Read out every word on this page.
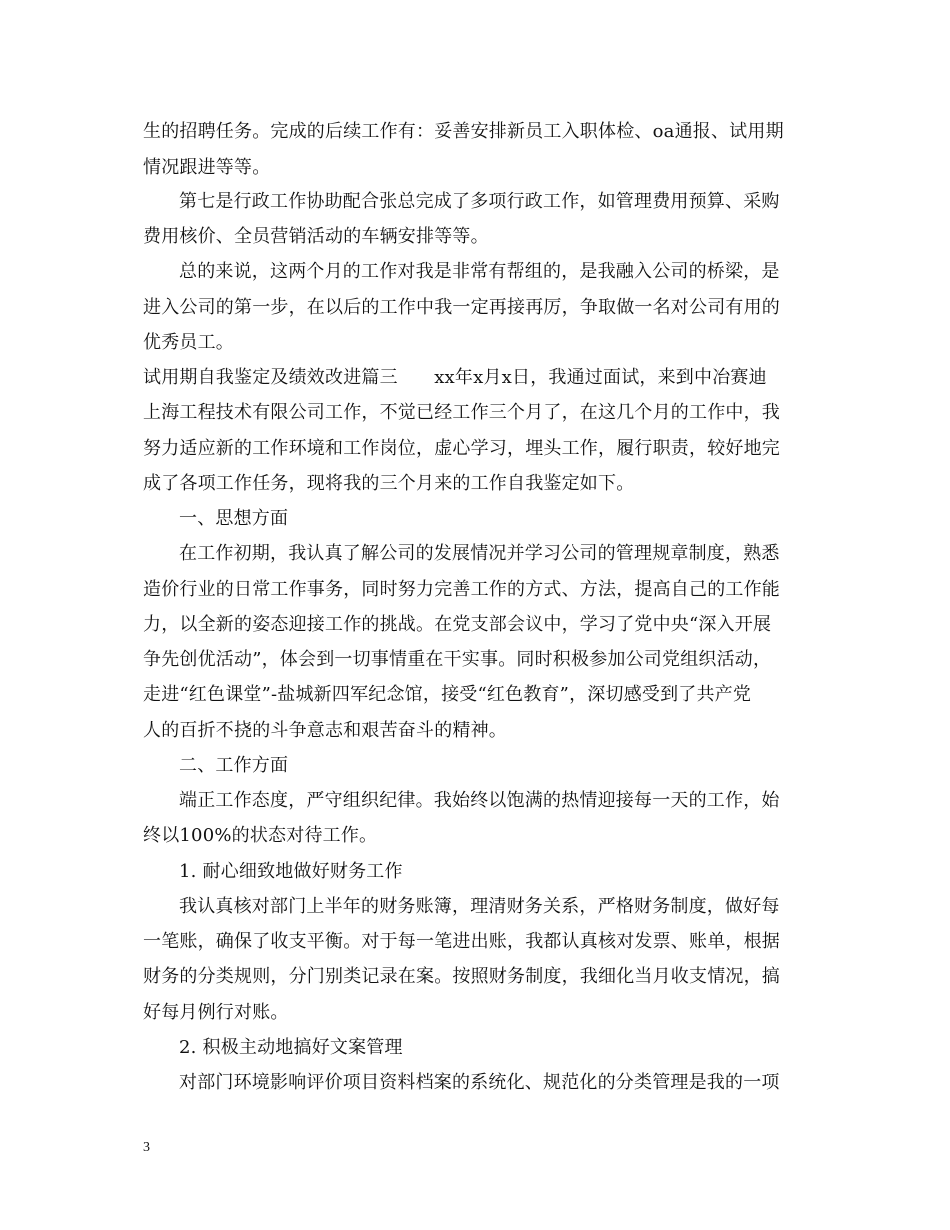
生的招聘任务。完成的后续工作有：妥善安排新员工入职体检、oa通报、试用期
情况跟进等等。
第七是行政工作协助配合张总完成了多项行政工作，如管理费用预算、采购
费用核价、全员营销活动的车辆安排等等。
总的来说，这两个月的工作对我是非常有帮组的，是我融入公司的桥梁，是
进入公司的第一步，在以后的工作中我一定再接再厉，争取做一名对公司有用的
优秀员工。
试用期自我鉴定及绩效改进篇三　　xx年x月x日，我通过面试，来到中冶赛迪
上海工程技术有限公司工作，不觉已经工作三个月了，在这几个月的工作中，我
努力适应新的工作环境和工作岗位，虚心学习，埋头工作，履行职责，较好地完
成了各项工作任务，现将我的三个月来的工作自我鉴定如下。
一、思想方面
在工作初期，我认真了解公司的发展情况并学习公司的管理规章制度，熟悉
造价行业的日常工作事务，同时努力完善工作的方式、方法，提高自己的工作能
力，以全新的姿态迎接工作的挑战。在党支部会议中，学习了党中央“深入开展
争先创优活动”，体会到一切事情重在干实事。同时积极参加公司党组织活动，
走进“红色课堂”-盐城新四军纪念馆，接受“红色教育”，深切感受到了共产党
人的百折不挠的斗争意志和艰苦奋斗的精神。
二、工作方面
端正工作态度，严守组织纪律。我始终以饱满的热情迎接每一天的工作，始
终以100%的状态对待工作。
1. 耐心细致地做好财务工作
我认真核对部门上半年的财务账簿，理清财务关系，严格财务制度，做好每
一笔账，确保了收支平衡。对于每一笔进出账，我都认真核对发票、账单，根据
财务的分类规则，分门别类记录在案。按照财务制度，我细化当月收支情况，搞
好每月例行对账。
2. 积极主动地搞好文案管理
对部门环境影响评价项目资料档案的系统化、规范化的分类管理是我的一项
3
